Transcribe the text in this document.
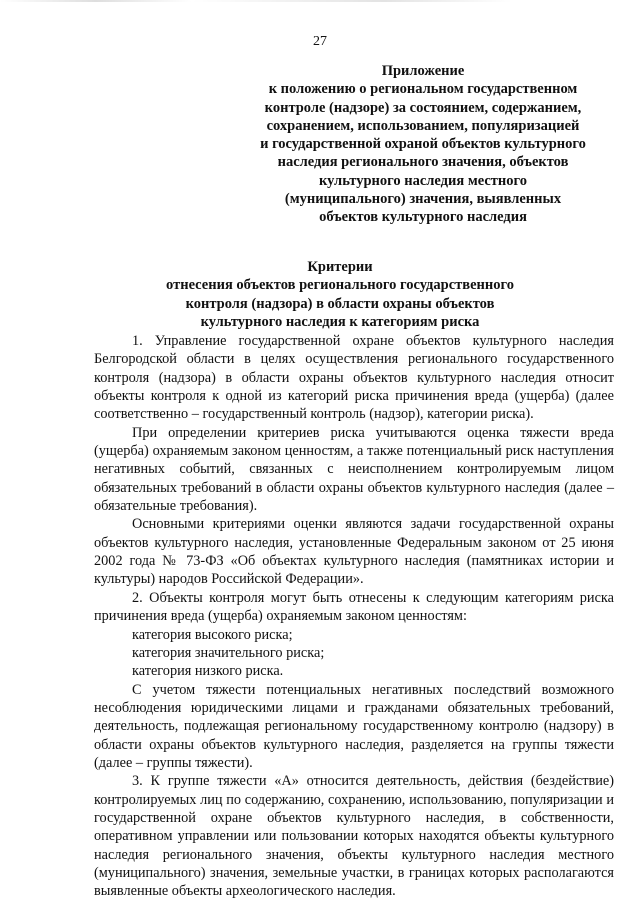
27
Приложение
к положению о региональном государственном
контроле (надзоре) за состоянием, содержанием,
сохранением, использованием, популяризацией
и государственной охраной объектов культурного
наследия регионального значения, объектов
культурного наследия местного
(муниципального) значения, выявленных
объектов культурного наследия
Критерии
отнесения объектов регионального государственного
контроля (надзора) в области охраны объектов
культурного наследия к категориям риска

1. Управление государственной охране объектов культурного наследия Белгородской области в целях осуществления регионального государственного контроля (надзора) в области охраны объектов культурного наследия относит объекты контроля к одной из категорий риска причинения вреда (ущерба) (далее соответственно – государственный контроль (надзор), категории риска).

При определении критериев риска учитываются оценка тяжести вреда (ущерба) охраняемым законом ценностям, а также потенциальный риск наступления негативных событий, связанных с неисполнением контролируемым лицом обязательных требований в области охраны объектов культурного наследия (далее – обязательные требования).

Основными критериями оценки являются задачи государственной охраны объектов культурного наследия, установленные Федеральным законом от 25 июня 2002 года № 73-ФЗ «Об объектах культурного наследия (памятниках истории и культуры) народов Российской Федерации».

2. Объекты контроля могут быть отнесены к следующим категориям риска причинения вреда (ущерба) охраняемым законом ценностям:

категория высокого риска;

категория значительного риска;

категория низкого риска.

С учетом тяжести потенциальных негативных последствий возможного несоблюдения юридическими лицами и гражданами обязательных требований, деятельность, подлежащая региональному государственному контролю (надзору) в области охраны объектов культурного наследия, разделяется на группы тяжести (далее – группы тяжести).

3. К группе тяжести «А» относится деятельность, действия (бездействие) контролируемых лиц по содержанию, сохранению, использованию, популяризации и государственной охране объектов культурного наследия, в собственности, оперативном управлении или пользовании которых находятся объекты культурного наследия регионального значения, объекты культурного наследия местного (муниципального) значения, земельные участки, в границах которых располагаются выявленные объекты археологического наследия.
